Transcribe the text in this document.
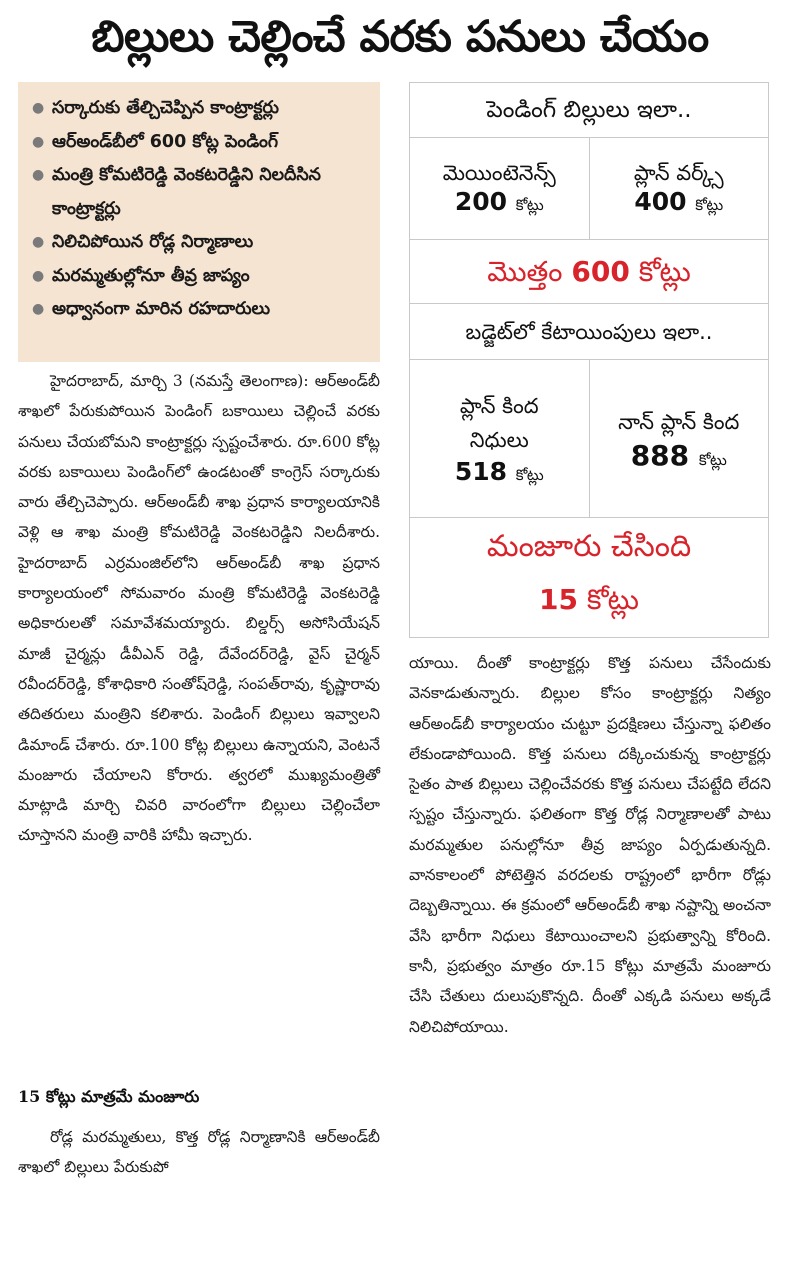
బిల్లులు చెల్లించే వరకు పనులు చేయం
● సర్కారుకు తేల్చిచెప్పిన కాంట్రాక్టర్లు
● ఆర్‌అండ్‌బీలో 600 కోట్ల పెండింగ్
● మంత్రి కోమటిరెడ్డి వెంకటరెడ్డిని నిలదీసిన కాంట్రాక్టర్లు
● నిలిచిపోయిన రోడ్ల నిర్మాణాలు
● మరమ్మతుల్లోనూ తీవ్ర జాప్యం
● అధ్వానంగా మారిన రహదారులు
పెండింగ్ బిల్లులు ఇలా..
మెయింటెనెన్స్
200 కోట్లు
ప్లాన్ వర్క్స్
400 కోట్లు
మొత్తం 600 కోట్లు
బడ్జెట్‌లో కేటాయింపులు ఇలా..
ప్లాన్ కింద నిధులు
518 కోట్లు
నాన్ ప్లాన్ కింద
888 కోట్లు
మంజూరు చేసింది
15 కోట్లు

హైదరాబాద్, మార్చి 3 (నమస్తే తెలంగాణ): ఆర్‌అండ్‌బీ శాఖలో పేరుకుపోయిన పెండింగ్ బకాయిలు చెల్లించే వరకు పనులు చేయబోమని కాంట్రాక్టర్లు స్పష్టంచేశారు. రూ.600 కోట్ల వరకు బకాయిలు పెండింగ్‌లో ఉండటంతో కాంగ్రెస్ సర్కారుకు వారు తేల్చిచెప్పారు. ఆర్‌అండ్‌బీ శాఖ ప్రధాన కార్యాలయానికి వెళ్లి ఆ శాఖ మంత్రి కోమటిరెడ్డి వెంకటరెడ్డిని నిలదీశారు. హైదరాబాద్ ఎర్రమంజిల్‌లోని ఆర్‌అండ్‌బీ శాఖ ప్రధాన కార్యాలయంలో సోమవారం మంత్రి కోమటిరెడ్డి వెంకటరెడ్డి అధికారులతో సమావేశమయ్యారు. బిల్డర్స్ అసోసియేషన్ మాజీ చైర్మన్లు డీవీఎన్ రెడ్డి, దేవేందర్‌రెడ్డి, వైస్ చైర్మన్ రవీందర్‌రెడ్డి, కోశాధికారి సంతోష్‌రెడ్డి, సంపత్‌రావు, కృష్ణారావు తదితరులు మంత్రిని కలిశారు. పెండింగ్ బిల్లులు ఇవ్వాలని డిమాండ్ చేశారు. రూ.100 కోట్ల బిల్లులు ఉన్నాయని, వెంటనే మంజూరు చేయాలని కోరారు. త్వరలో ముఖ్యమంత్రితో మాట్లాడి మార్చి చివరి వారంలోగా బిల్లులు చెల్లించేలా చూస్తానని మంత్రి వారికి హామీ ఇచ్చారు.

15 కోట్లు మాత్రమే మంజూరు

రోడ్ల మరమ్మతులు, కొత్త రోడ్ల నిర్మాణానికి ఆర్‌అండ్‌బీ శాఖలో బిల్లులు పేరుకుపో

యాయి. దీంతో కాంట్రాక్టర్లు కొత్త పనులు చేసేందుకు వెనకాడుతున్నారు. బిల్లుల కోసం కాంట్రాక్టర్లు నిత్యం ఆర్‌అండ్‌బీ కార్యాలయం చుట్టూ ప్రదక్షిణలు చేస్తున్నా ఫలితం లేకుండాపోయింది. కొత్త పనులు దక్కించుకున్న కాంట్రాక్టర్లు సైతం పాత బిల్లులు చెల్లించేవరకు కొత్త పనులు చేపట్టేది లేదని స్పష్టం చేస్తున్నారు. ఫలితంగా కొత్త రోడ్ల నిర్మాణాలతో పాటు మరమ్మతుల పనుల్లోనూ తీవ్ర జాప్యం ఏర్పడుతున్నది. వానకాలంలో పోటెత్తిన వరదలకు రాష్ట్రంలో భారీగా రోడ్లు దెబ్బతిన్నాయి. ఈ క్రమంలో ఆర్‌అండ్‌బీ శాఖ నష్టాన్ని అంచనా వేసి భారీగా నిధులు కేటాయించాలని ప్రభుత్వాన్ని కోరింది. కానీ, ప్రభుత్వం మాత్రం రూ.15 కోట్లు మాత్రమే మంజూరు చేసి చేతులు దులుపుకొన్నది. దీంతో ఎక్కడి పనులు అక్కడే నిలిచిపోయాయి.
